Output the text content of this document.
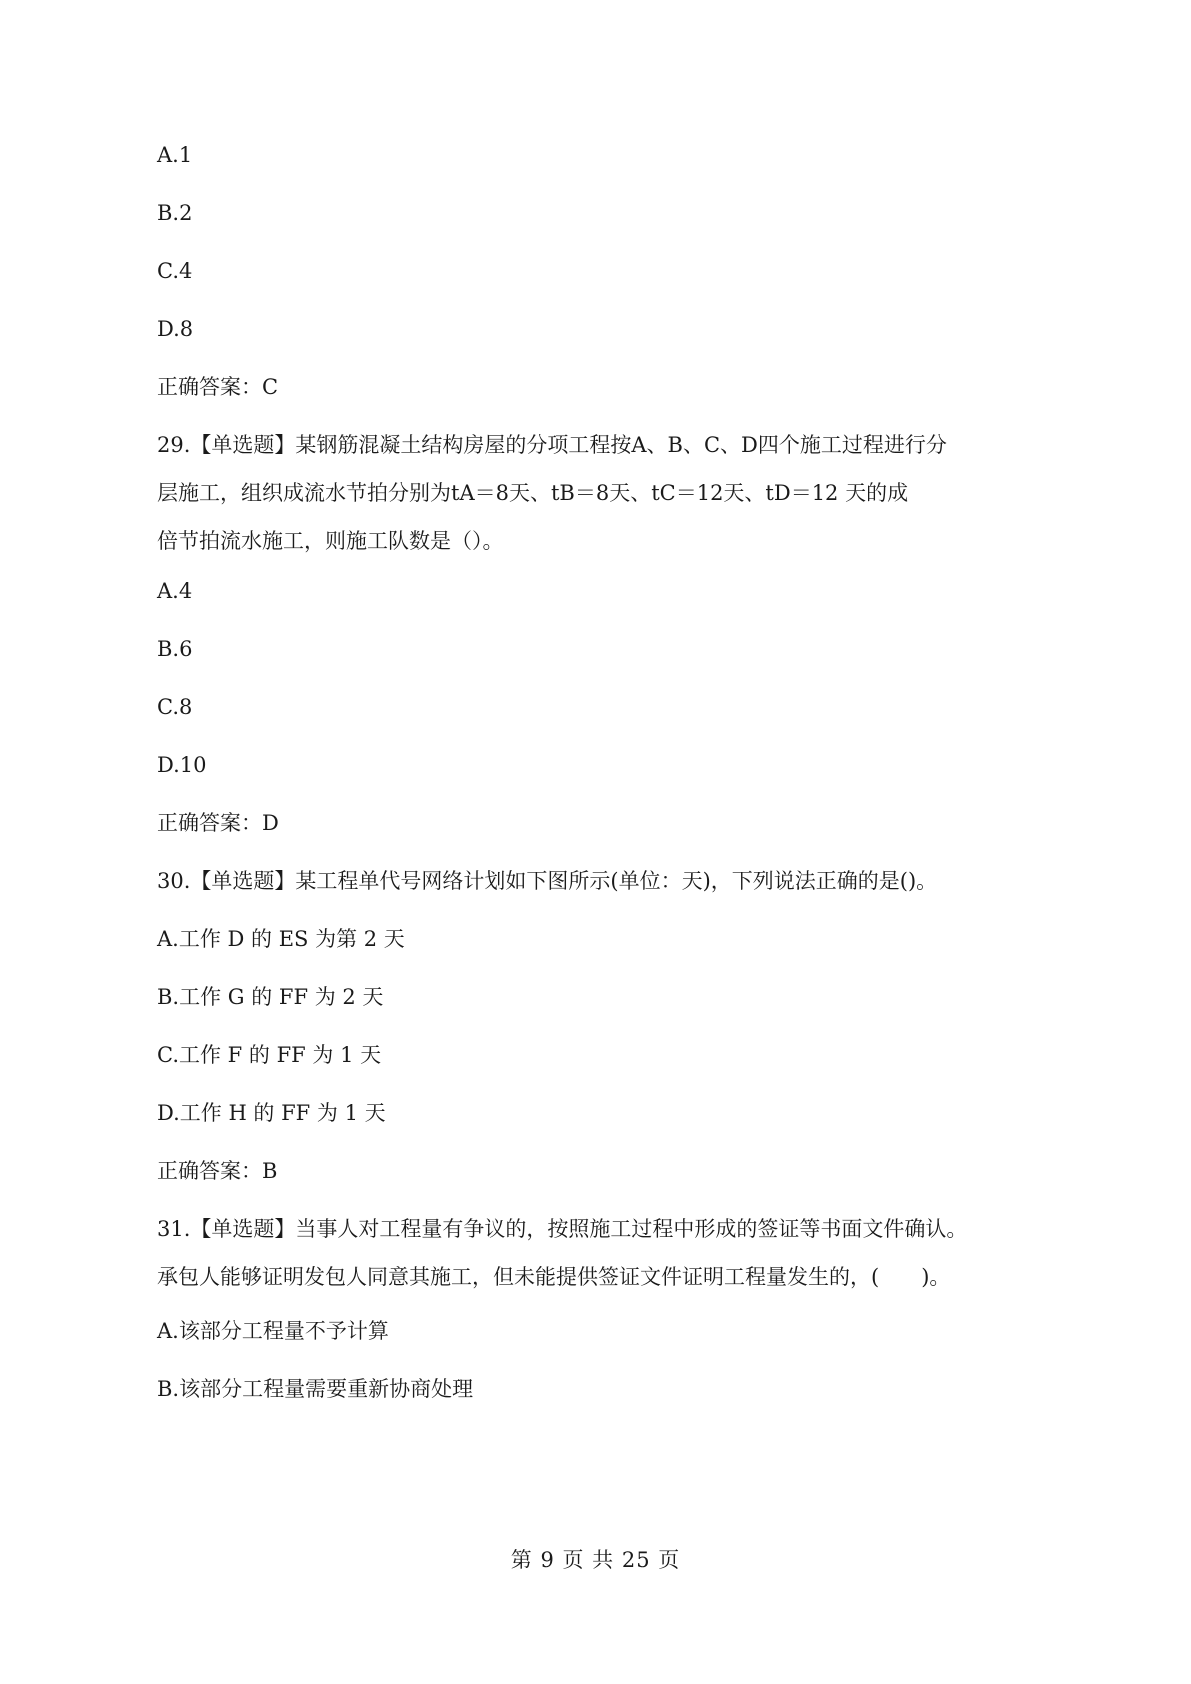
A.1
B.2
C.4
D.8
正确答案：C
29.【单选题】某钢筋混凝土结构房屋的分项工程按A、B、C、D四个施工过程进行分
层施工，组织成流水节拍分别为tA＝8天、tB＝8天、tC＝12天、tD＝12 天的成
倍节拍流水施工，则施工队数是（）。
A.4
B.6
C.8
D.10
正确答案：D
30.【单选题】某工程单代号网络计划如下图所示(单位：天)，下列说法正确的是()。
A.工作 D 的 ES 为第 2 天
B.工作 G 的 FF 为 2 天
C.工作 F 的 FF 为 1 天
D.工作 H 的 FF 为 1 天
正确答案：B
31.【单选题】当事人对工程量有争议的，按照施工过程中形成的签证等书面文件确认。
承包人能够证明发包人同意其施工，但未能提供签证文件证明工程量发生的，(　　)。
A.该部分工程量不予计算
B.该部分工程量需要重新协商处理
第 9 页 共 25 页
